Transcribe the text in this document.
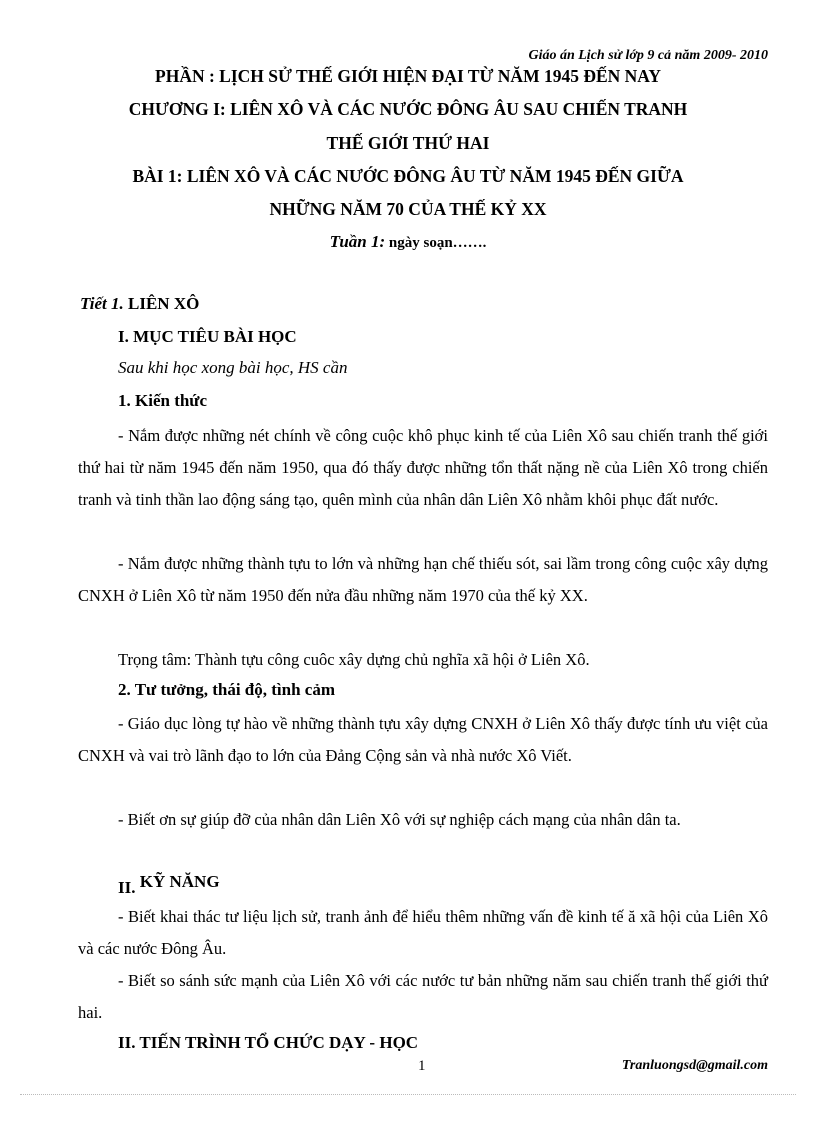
Giáo án Lịch sử lớp 9 cả năm 2009- 2010
PHẦN : LỊCH SỬ THẾ GIỚI HIỆN ĐẠI TỪ NĂM 1945 ĐẾN NAY
CHƯƠNG I: LIÊN XÔ VÀ CÁC NƯỚC ĐÔNG ÂU SAU CHIẾN TRANH
THẾ GIỚI THỨ HAI
BÀI 1: LIÊN XÔ VÀ CÁC NƯỚC ĐÔNG ÂU TỪ NĂM 1945 ĐẾN GIỮA
NHỮNG NĂM 70 CỦA THẾ KỶ XX
Tuần 1: ngày soạn…….
Tiết 1. LIÊN XÔ
I. MỤC TIÊU BÀI HỌC
Sau khi học xong bài học, HS cần
1. Kiến thức
- Nắm được những nét chính về công cuộc khô phục kinh tế của Liên Xô sau chiến tranh thế giới thứ hai từ năm 1945 đến năm 1950, qua đó thấy được những tổn thất nặng nề của Liên Xô trong chiến tranh và tinh thần lao động sáng tạo, quên mình của nhân dân Liên Xô nhằm khôi phục đất nước.
- Nắm được những thành tựu to lớn và những hạn chế thiếu sót, sai lầm trong công cuộc xây dựng CNXH ở Liên Xô từ năm 1950 đến nửa đầu những năm 1970 của thế kỷ XX.
Trọng tâm: Thành tựu công cuôc xây dựng chủ nghĩa xã hội ở Liên Xô.
2. Tư tưởng, thái độ, tình cảm
- Giáo dục lòng tự hào về những thành tựu xây dựng CNXH ở Liên Xô thấy được tính ưu việt của CNXH và vai trò lãnh đạo to lớn của Đảng Cộng sản và nhà nước Xô Viết.
- Biết ơn sự giúp đỡ của nhân dân Liên Xô với sự nghiệp cách mạng của nhân dân ta.
II. KỸ NĂNG
- Biết khai thác tư liệu lịch sử, tranh ảnh để hiểu thêm những vấn đề kinh tế ă xã hội của Liên Xô và các nước Đông Âu.
- Biết so sánh sức mạnh của Liên Xô với các nước tư bản những năm sau chiến tranh thế giới thứ hai.
II. TIẾN TRÌNH TỔ CHỨC DẠY - HỌC
1	Tranluongsd@gmail.com
